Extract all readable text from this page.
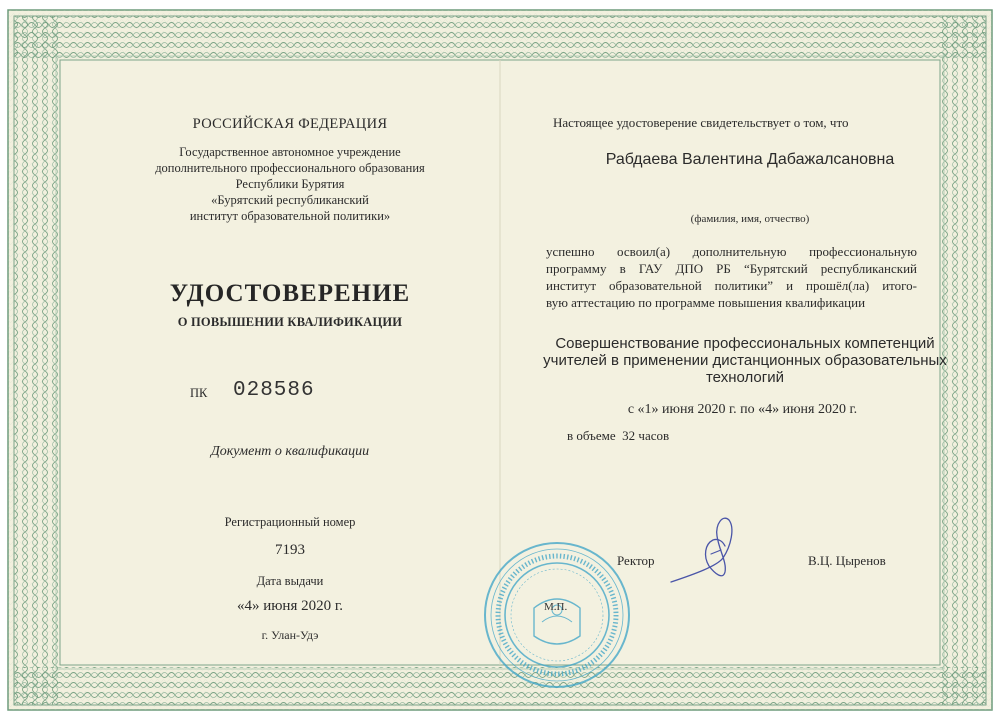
РОССИЙСКАЯ ФЕДЕРАЦИЯ
Государственное автономное учреждение
дополнительного профессионального образования
Республики Бурятия
«Бурятский республиканский
институт образовательной политики»
УДОСТОВЕРЕНИЕ
О ПОВЫШЕНИИ КВАЛИФИКАЦИИ
ПК 028586
Документ о квалификации
Регистрационный номер
7193
Дата выдачи
«4» июня 2020 г.
г. Улан-Удэ
Настоящее удостоверение свидетельствует о том, что
Рабдаева Валентина Дабажалсановна
(фамилия, имя, отчество)
успешно освоил(а) дополнительную профессиональную
программу в ГАУ ДПО РБ “Бурятский республиканский
институт образовательной политики” и прошёл(ла) итого-
вую аттестацию по программе повышения квалификации
Совершенствование профессиональных компетенций
учителей в применении дистанционных образовательных
технологий
с «1» июня 2020 г. по «4» июня 2020 г.
в объеме 32 часов
М.П.
Ректор	В.Ц. Цыренов
